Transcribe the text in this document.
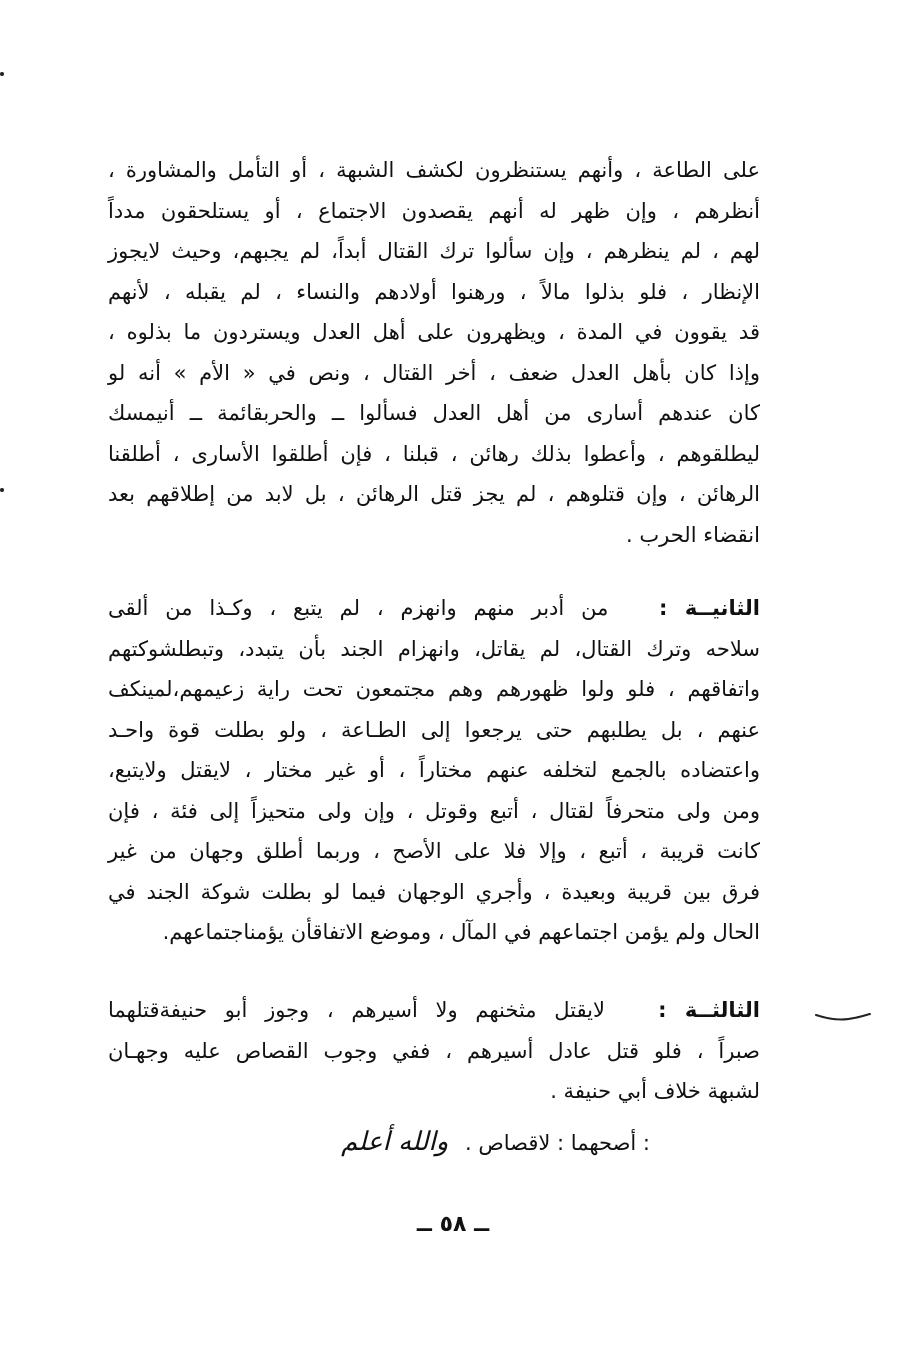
على الطاعة ، وأنهم يستنظرون لكشف الشبهة ، أو التأمل والمشاورة ،
أنظرهم ، وإن ظهر له أنهم يقصدون الاجتماع ، أو يستلحقون مدداً
لهم ، لم ينظرهم ، وإن سألوا ترك القتال أبداً، لم يجبهم، وحيث لايجوز
الإنظار ، فلو بذلوا مالاً ، ورهنوا أولادهم والنساء ، لم يقبله ، لأنهم
قد يقوون في المدة ، ويظهرون على أهل العدل ويستردون ما بذلوه ،
وإذا كان بأهل العدل ضعف ، أخر القتال ، ونص في « الأم » أنه لو
كان عندهم أسارى من أهل العدل فسألوا ــ والحربقائمة ــ أنيمسك
ليطلقوهم ، وأعطوا بذلك رهائن ، قبلنا ، فإن أطلقوا الأسارى ، أطلقنا
الرهائن ، وإن قتلوهم ، لم يجز قتل الرهائن ، بل لابد من إطلاقهم بعد
انقضاء الحرب .
الثانيــة :   من أدبر منهم وانهزم ، لم يتبع ، وكـذا من ألقى
سلاحه وترك القتال، لم يقاتل، وانهزام الجند بأن يتبدد، وتبطلشوكتهم
واتفاقهم ، فلو ولوا ظهورهم وهم مجتمعون تحت راية زعيمهم،لمينكف
عنهم ، بل يطلبهم حتى يرجعوا إلى الطـاعة ، ولو بطلت قوة واحـد
واعتضاده بالجمع لتخلفه عنهم مختاراً ، أو غير مختار ، لايقتل ولايتبع،
ومن ولى متحرفاً لقتال ، أتبع وقوتل ، وإن ولى متحيزاً إلى فئة ، فإن
كانت قريبة ، أتبع ، وإلا فلا على الأصح ، وربما أطلق وجهان من غير
فرق بين قريبة وبعيدة ، وأجري الوجهان فيما لو بطلت شوكة الجند في
الحال ولم يؤمن اجتماعهم في المآل ، وموضع الاتفاقأن يؤمناجتماعهم.
الثالثــة :   لايقتل مثخنهم ولا أسيرهم ، وجوز أبو حنيفةقتلهما
صبراً ، فلو قتل عادل أسيرهم ، ففي وجوب القصاص عليه وجهـان
لشبهة خلاف أبي حنيفة .
: أصحهما : لاقصاص . والله أعلم
ــ ٥٨ ــ
